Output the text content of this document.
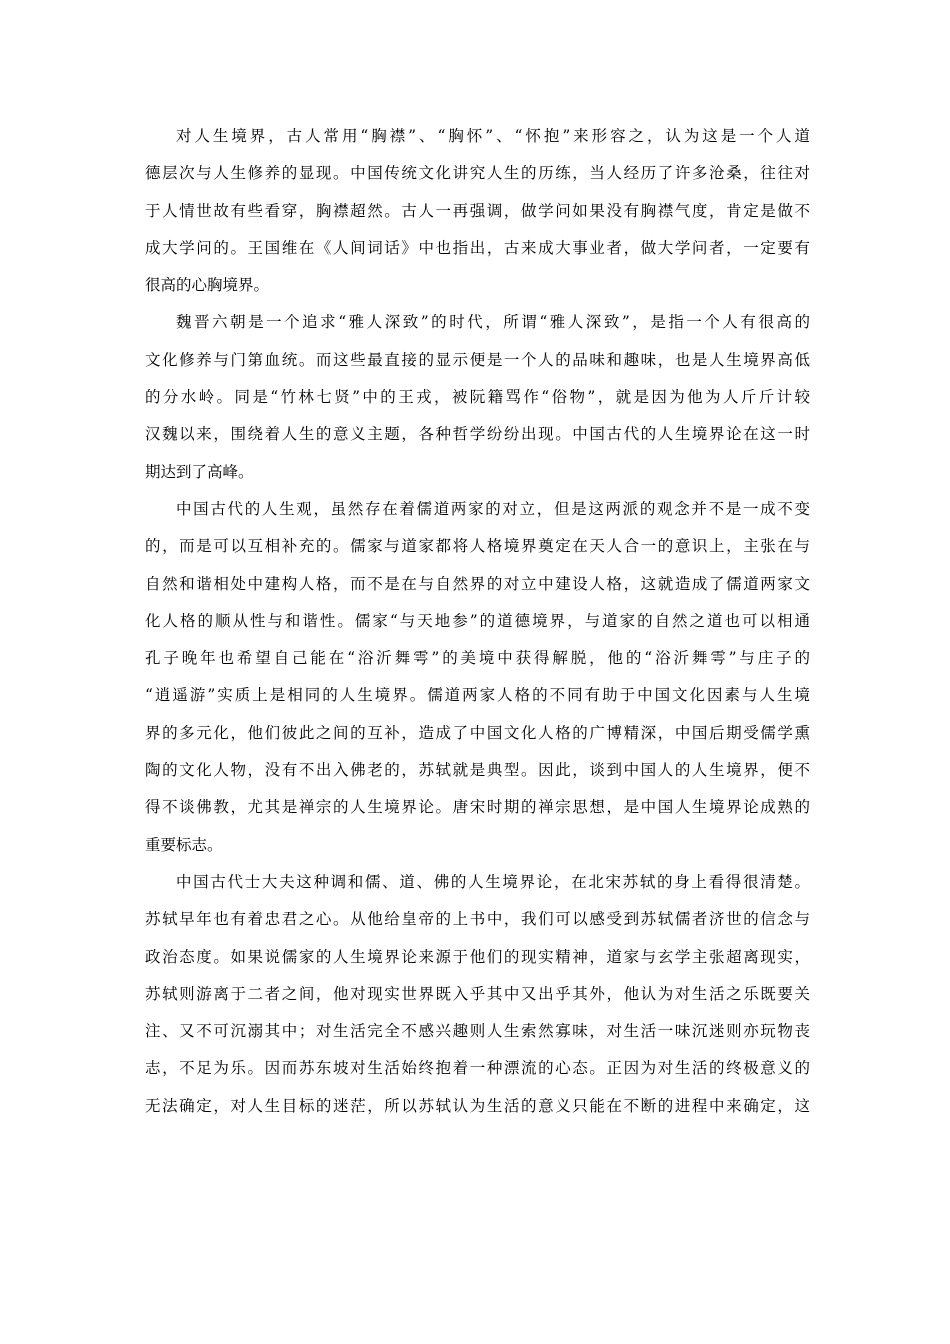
对人生境界，古人常用“胸襟”、“胸怀”、“怀抱”来形容之，认为这是一个人道
德层次与人生修养的显现。中国传统文化讲究人生的历练，当人经历了许多沧桑，往往对
于人情世故有些看穿，胸襟超然。古人一再强调，做学问如果没有胸襟气度，肯定是做不
成大学问的。王国维在《人间词话》中也指出，古来成大事业者，做大学问者，一定要有
很高的心胸境界。
魏晋六朝是一个追求“雅人深致”的时代，所谓“雅人深致”，是指一个人有很高的
文化修养与门第血统。而这些最直接的显示便是一个人的品味和趣味，也是人生境界高低
的分水岭。同是“竹林七贤”中的王戎，被阮籍骂作“俗物”，就是因为他为人斤斤计较
汉魏以来，围绕着人生的意义主题，各种哲学纷纷出现。中国古代的人生境界论在这一时
期达到了高峰。
中国古代的人生观，虽然存在着儒道两家的对立，但是这两派的观念并不是一成不变
的，而是可以互相补充的。儒家与道家都将人格境界奠定在天人合一的意识上，主张在与
自然和谐相处中建构人格，而不是在与自然界的对立中建设人格，这就造成了儒道两家文
化人格的顺从性与和谐性。儒家“与天地参”的道德境界，与道家的自然之道也可以相通
孔子晚年也希望自己能在“浴沂舞雩”的美境中获得解脱，他的“浴沂舞雩”与庄子的
“逍遥游”实质上是相同的人生境界。儒道两家人格的不同有助于中国文化因素与人生境
界的多元化，他们彼此之间的互补，造成了中国文化人格的广博精深，中国后期受儒学熏
陶的文化人物，没有不出入佛老的，苏轼就是典型。因此，谈到中国人的人生境界，便不
得不谈佛教，尤其是禅宗的人生境界论。唐宋时期的禅宗思想，是中国人生境界论成熟的
重要标志。
中国古代士大夫这种调和儒、道、佛的人生境界论，在北宋苏轼的身上看得很清楚。
苏轼早年也有着忠君之心。从他给皇帝的上书中，我们可以感受到苏轼儒者济世的信念与
政治态度。如果说儒家的人生境界论来源于他们的现实精神，道家与玄学主张超离现实，
苏轼则游离于二者之间，他对现实世界既入乎其中又出乎其外，他认为对生活之乐既要关
注、又不可沉溺其中；对生活完全不感兴趣则人生索然寡味，对生活一味沉迷则亦玩物丧
志，不足为乐。因而苏东坡对生活始终抱着一种漂流的心态。正因为对生活的终极意义的
无法确定，对人生目标的迷茫，所以苏轼认为生活的意义只能在不断的进程中来确定，这
